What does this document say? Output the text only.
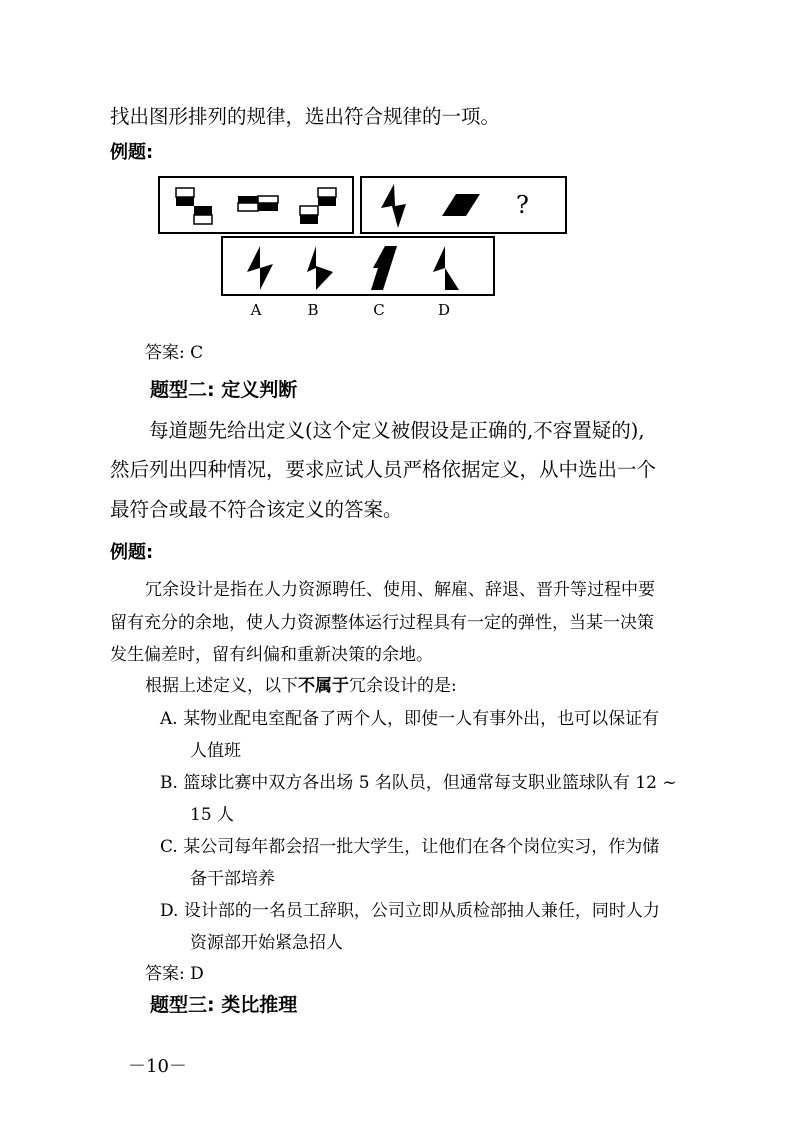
找出图形排列的规律，选出符合规律的一项。
例题:
?
A	B	C	D
答案: C
题型二: 定义判断
每道题先给出定义(这个定义被假设是正确的,不容置疑的),
然后列出四种情况，要求应试人员严格依据定义，从中选出一个
最符合或最不符合该定义的答案。
例题:
冗余设计是指在人力资源聘任、使用、解雇、辞退、晋升等过程中要
留有充分的余地，使人力资源整体运行过程具有一定的弹性，当某一决策
发生偏差时，留有纠偏和重新决策的余地。
根据上述定义，以下不属于冗余设计的是:
A. 某物业配电室配备了两个人，即使一人有事外出，也可以保证有
人值班
B. 篮球比赛中双方各出场 5 名队员，但通常每支职业篮球队有 12 ~
15 人
C. 某公司每年都会招一批大学生，让他们在各个岗位实习，作为储
备干部培养
D. 设计部的一名员工辞职，公司立即从质检部抽人兼任，同时人力
资源部开始紧急招人
答案: D
题型三: 类比推理
－10－
